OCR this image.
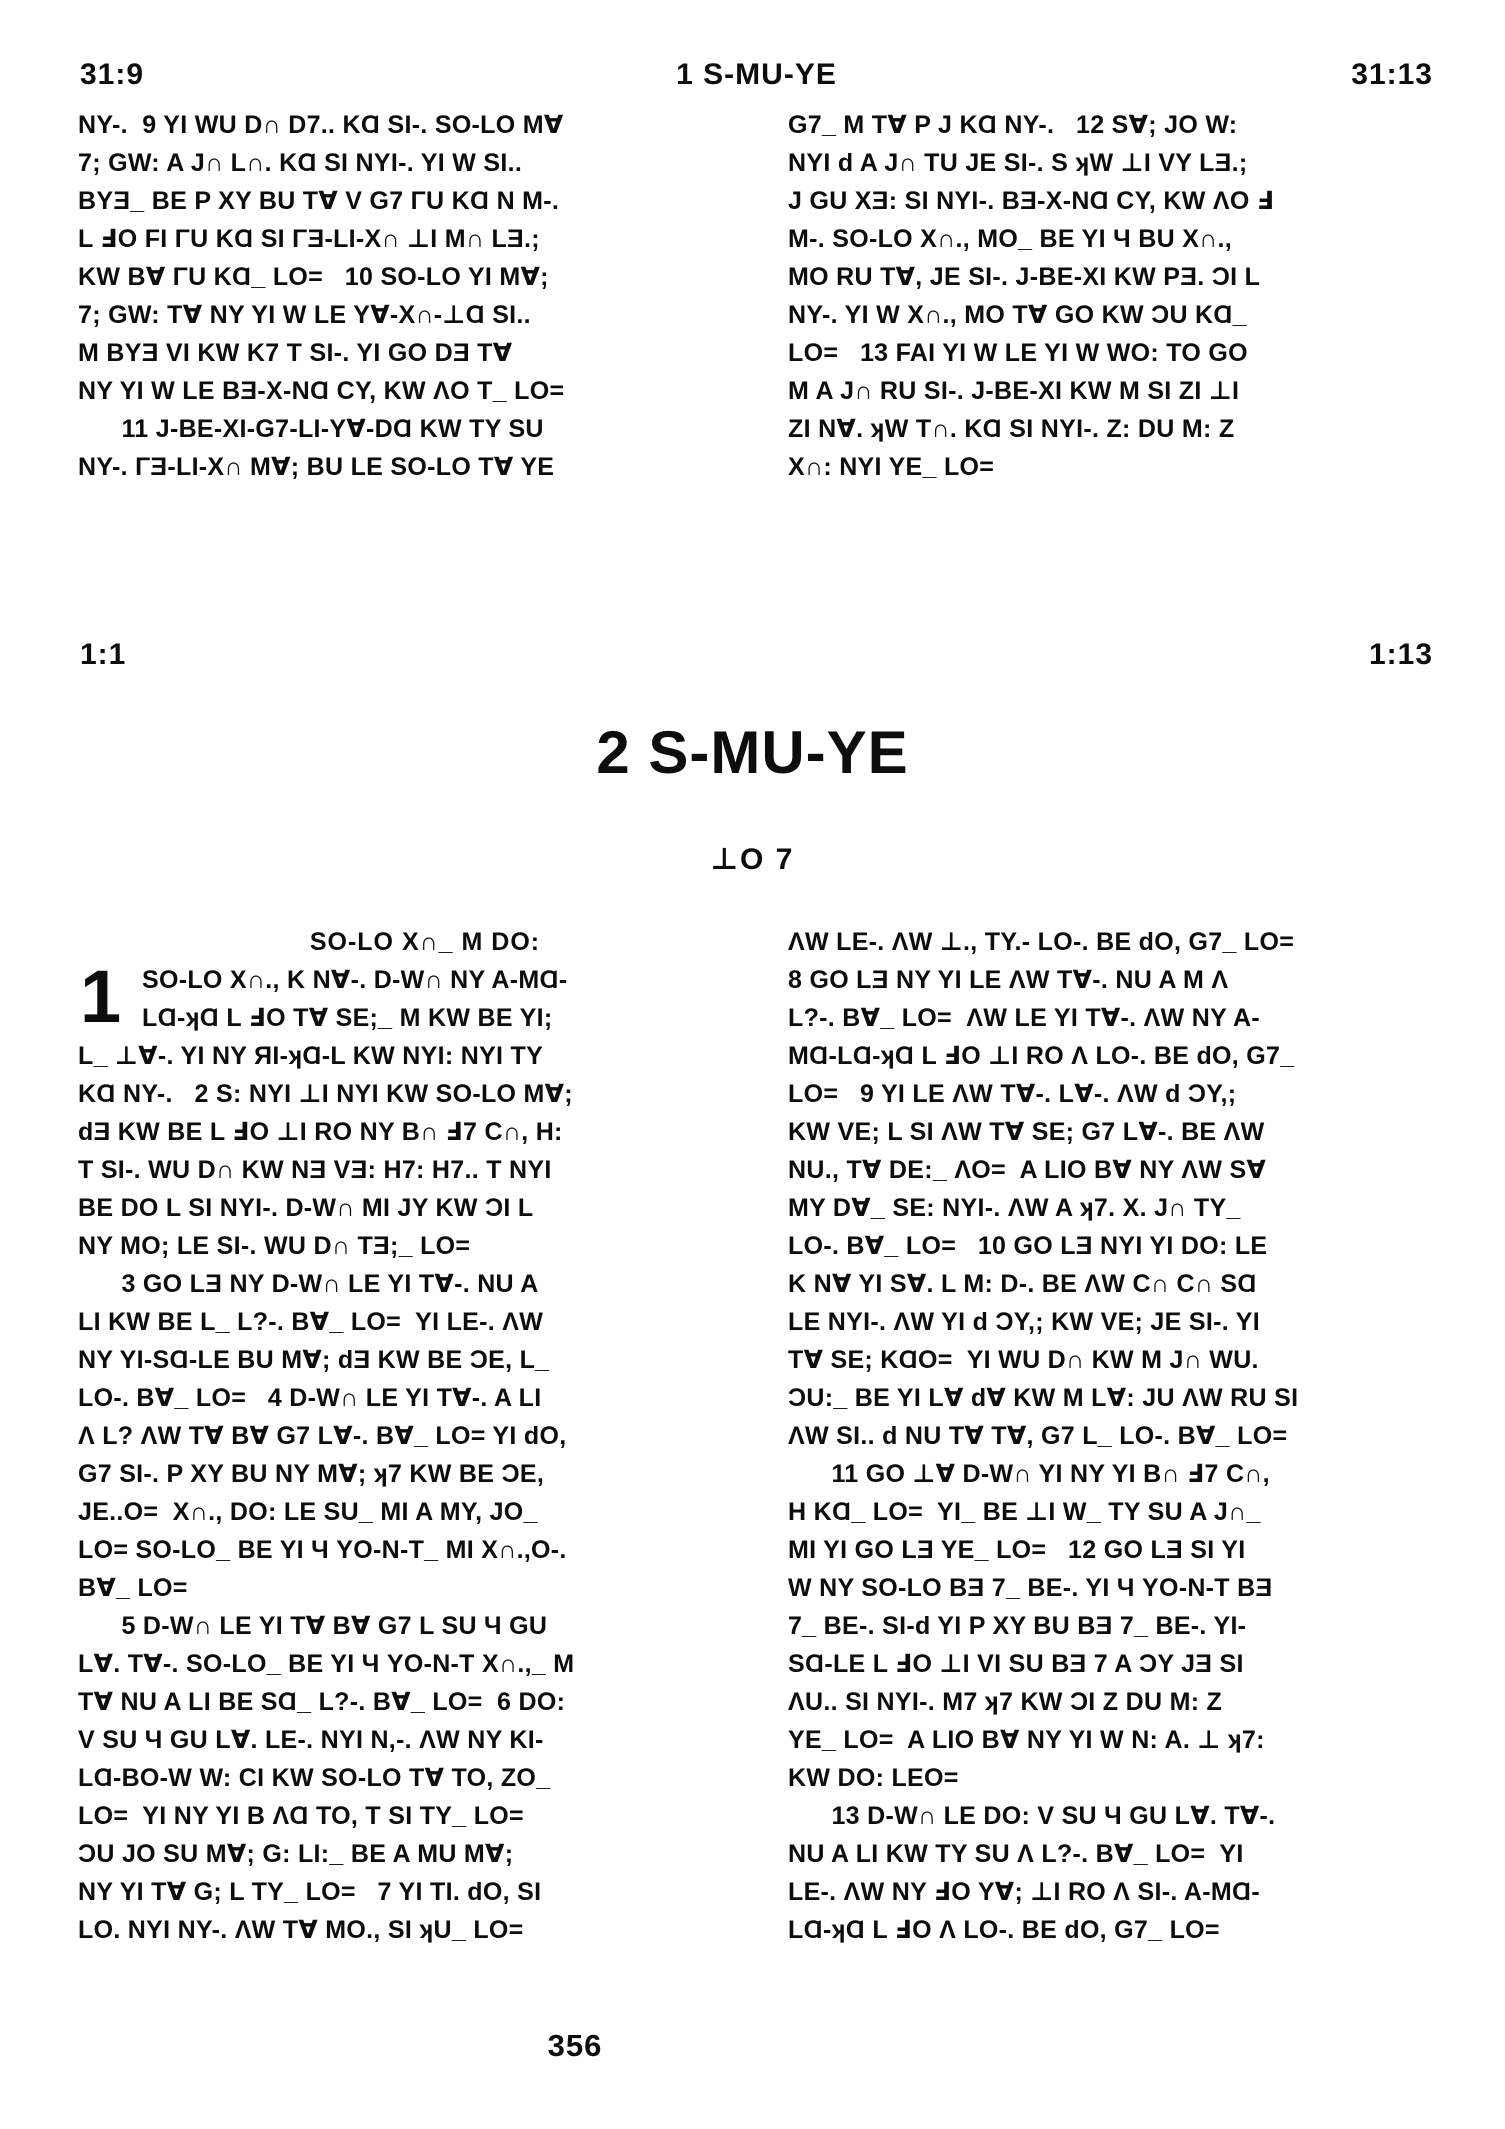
31:9	1 S-MU-YE	31:13
NY-.  9 YI WU D∩ D7.. KⱭ SI-. SO-LO M∀
7; GW: A J∩ L∩. KⱭ SI NYI-. YI W SI..
BYƎ_ BE P XY BU T∀ V G7 ΓU KⱭ N M-.
L ℲO FI ΓU KⱭ SI ΓƎ-LI-X∩ ⊥I M∩ LƎ.;
KW B∀ ΓU KⱭ_ LO=   10 SO-LO YI M∀;
7; GW: T∀ NY YI W LE Y∀-X∩-⊥Ɑ SI..
M BYƎ VI KW K7 T SI-. YI GO DƎ T∀
NY YI W LE BƎ-X-NⱭ CY, KW ΛO T_ LO=
11 J-BE-XI-G7-LI-Y∀-DⱭ KW TY SU
NY-. ΓƎ-LI-X∩ M∀; BU LE SO-LO T∀ YE
G7_ M T∀ P J KⱭ NY-.   12 S∀; JO W:
NYI d A J∩ TU JE SI-. S ʞW ⊥I VY LƎ.;
J GU XƎ: SI NYI-. BƎ-X-NⱭ CY, KW ΛO Ⅎ
M-. SO-LO X∩., MO_ BE YI Ч BU X∩.,
MO RU T∀, JE SI-. J-BE-XI KW PƎ. ƆI L
NY-. YI W X∩., MO T∀ GO KW ƆU KⱭ_
LO=   13 FAI YI W LE YI W WO: TO GO
M A J∩ RU SI-. J-BE-XI KW M SI ZI ⊥I
ZI N∀. ʞW T∩. KⱭ SI NYI-. Z: DU M: Z
X∩: NYI YE_ LO=
1:1	1:13
2 S-MU-YE
⊥O 7
SO-LO X∩_ M DO:
1 SO-LO X∩., K N∀-. D-W∩ NY A-MⱭ-
LⱭ-ʞⱭ L ℲO T∀ SE;_ M KW BE YI;
L_ ⊥∀-. YI NY ЯI-ʞⱭ-L KW NYI: NYI TY
KⱭ NY-.   2 S: NYI ⊥I NYI KW SO-LO M∀;
dƎ KW BE L ℲO ⊥I RO NY B∩ Ⅎ7 C∩, H:
T SI-. WU D∩ KW NƎ VƎ: H7: H7.. T NYI
BE DO L SI NYI-. D-W∩ MI JY KW ƆI L
NY MO; LE SI-. WU D∩ TƎ;_ LO=
3 GO LƎ NY D-W∩ LE YI T∀-. NU A
LI KW BE L_ L?-. B∀_ LO=  YI LE-. ΛW
NY YI-SⱭ-LE BU M∀; dƎ KW BE ƆE, L_
LO-. B∀_ LO=   4 D-W∩ LE YI T∀-. A LI
Λ L? ΛW T∀ B∀ G7 L∀-. B∀_ LO= YI dO,
G7 SI-. P XY BU NY M∀; ʞ7 KW BE ƆE,
JE..O=  X∩., DO: LE SU_ MI A MY, JO_
LO= SO-LO_ BE YI Ч YO-N-T_ MI X∩.,O-.
B∀_ LO=
5 D-W∩ LE YI T∀ B∀ G7 L SU Ч GU
L∀. T∀-. SO-LO_ BE YI Ч YO-N-T X∩.,_ M
T∀ NU A LI BE SⱭ_ L?-. B∀_ LO=  6 DO:
V SU Ч GU L∀. LE-. NYI N,-. ΛW NY KI-
LⱭ-BO-W W: CI KW SO-LO T∀ TO, ZO_
LO=  YI NY YI B ΛⱭ TO, T SI TY_ LO=
ƆU JO SU M∀; G: LI:_ BE A MU M∀;
NY YI T∀ G; L TY_ LO=   7 YI TI. dO, SI
LO. NYI NY-. ΛW T∀ MO., SI ʞU_ LO=
ΛW LE-. ΛW ⊥., TY.- LO-. BE dO, G7_ LO=
8 GO LƎ NY YI LE ΛW T∀-. NU A M Λ
L?-. B∀_ LO=  ΛW LE YI T∀-. ΛW NY A-
MⱭ-LⱭ-ʞⱭ L ℲO ⊥I RO Λ LO-. BE dO, G7_
LO=   9 YI LE ΛW T∀-. L∀-. ΛW d ƆY,;
KW VE; L SI ΛW T∀ SE; G7 L∀-. BE ΛW
NU., T∀ DE:_ ΛO=  A LIO B∀ NY ΛW S∀
MY D∀_ SE: NYI-. ΛW A ʞ7. X. J∩ TY_
LO-. B∀_ LO=   10 GO LƎ NYI YI DO: LE
K N∀ YI S∀. L M: D-. BE ΛW C∩ C∩ SⱭ
LE NYI-. ΛW YI d ƆY,; KW VE; JE SI-. YI
T∀ SE; KⱭO=  YI WU D∩ KW M J∩ WU.
ƆU:_ BE YI L∀ d∀ KW M L∀: JU ΛW RU SI
ΛW SI.. d NU T∀ T∀, G7 L_ LO-. B∀_ LO=
11 GO ⊥∀ D-W∩ YI NY YI B∩ Ⅎ7 C∩,
H KⱭ_ LO=  YI_ BE ⊥I W_ TY SU A J∩_
MI YI GO LƎ YE_ LO=   12 GO LƎ SI YI
W NY SO-LO BƎ 7_ BE-. YI Ч YO-N-T BƎ
7_ BE-. SI-d YI P XY BU BƎ 7_ BE-. YI-
SⱭ-LE L ℲO ⊥I VI SU BƎ 7 A ƆY JƎ SI
ΛU.. SI NYI-. M7 ʞ7 KW ƆI Z DU M: Z
YE_ LO=  A LIO B∀ NY YI W N: A. ⊥ ʞ7:
KW DO: LEO=
13 D-W∩ LE DO: V SU Ч GU L∀. T∀-.
NU A LI KW TY SU Λ L?-. B∀_ LO=  YI
LE-. ΛW NY ℲO Y∀; ⊥I RO Λ SI-. A-MⱭ-
LⱭ-ʞⱭ L ℲO Λ LO-. BE dO, G7_ LO=
356
